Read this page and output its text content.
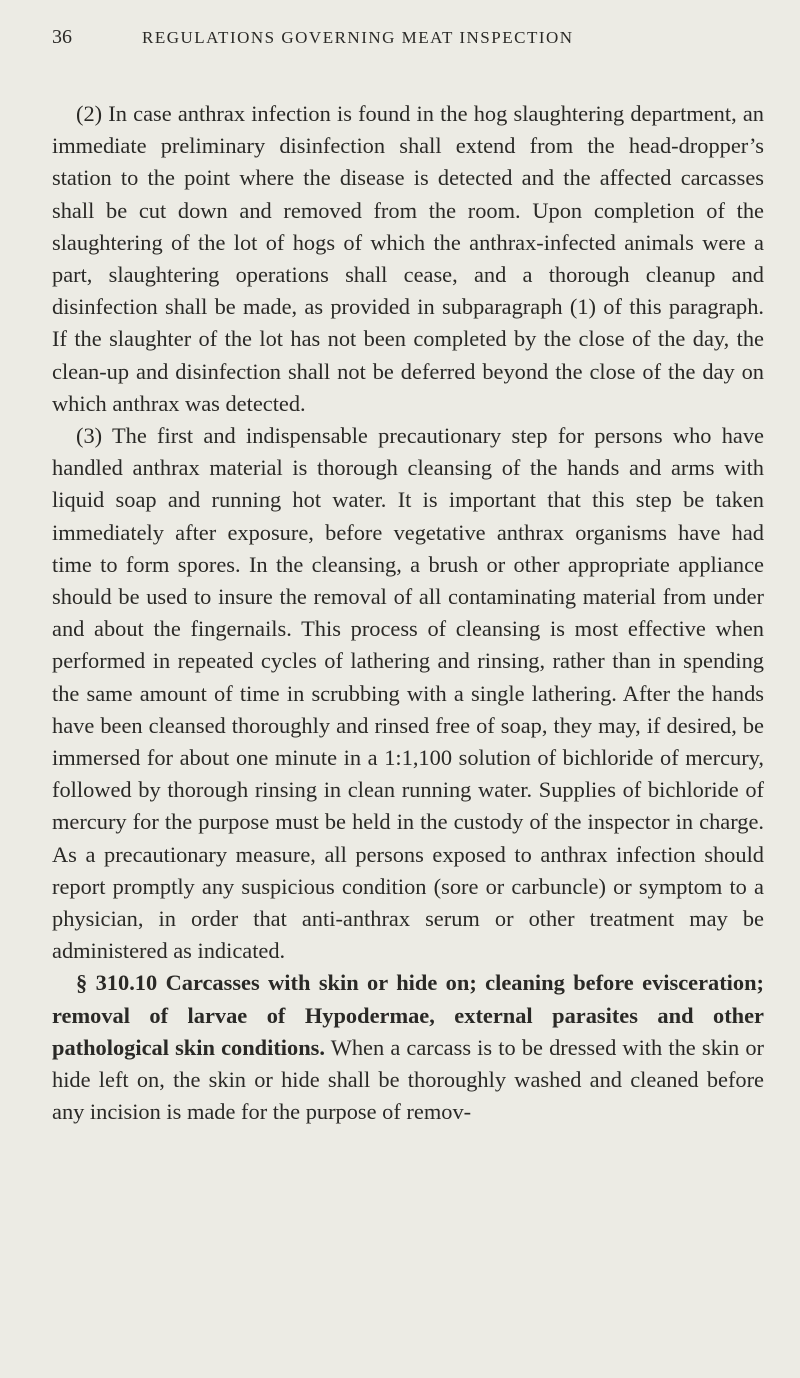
36	REGULATIONS GOVERNING MEAT INSPECTION

(2) In case anthrax infection is found in the hog slaughtering department, an immediate preliminary disinfection shall extend from the head-dropper’s station to the point where the disease is detected and the affected carcasses shall be cut down and removed from the room. Upon completion of the slaughtering of the lot of hogs of which the anthrax-infected animals were a part, slaughtering operations shall cease, and a thorough cleanup and disinfection shall be made, as provided in subparagraph (1) of this paragraph. If the slaughter of the lot has not been completed by the close of the day, the clean-up and disinfection shall not be deferred beyond the close of the day on which anthrax was detected.

(3) The first and indispensable precautionary step for persons who have handled anthrax material is thorough cleansing of the hands and arms with liquid soap and running hot water. It is important that this step be taken immediately after exposure, before vegetative anthrax organisms have had time to form spores. In the cleansing, a brush or other appropriate appliance should be used to insure the removal of all contaminating material from under and about the fingernails. This process of cleansing is most effective when performed in repeated cycles of lathering and rinsing, rather than in spending the same amount of time in scrubbing with a single lathering. After the hands have been cleansed thoroughly and rinsed free of soap, they may, if desired, be immersed for about one minute in a 1:1,100 solution of bichloride of mercury, followed by thorough rinsing in clean running water. Supplies of bichloride of mercury for the purpose must be held in the custody of the inspector in charge. As a precautionary measure, all persons exposed to anthrax infection should report promptly any suspicious condition (sore or carbuncle) or symptom to a physician, in order that anti-anthrax serum or other treatment may be administered as indicated.

§ 310.10 Carcasses with skin or hide on; cleaning before evisceration; removal of larvae of Hypodermae, external parasites and other pathological skin conditions. When a carcass is to be dressed with the skin or hide left on, the skin or hide shall be thoroughly washed and cleaned before any incision is made for the purpose of remov-
